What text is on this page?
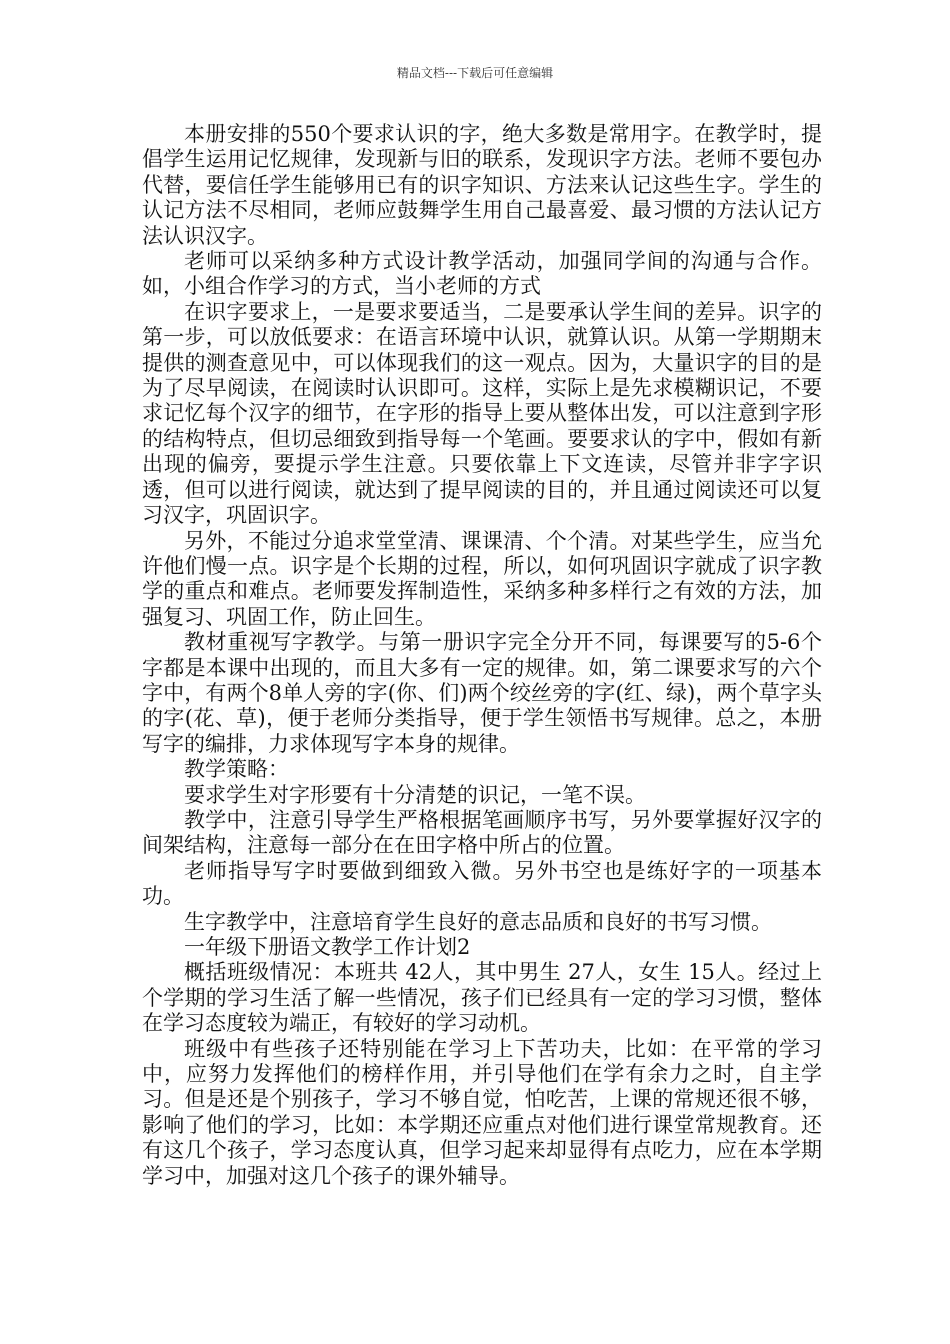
精品文档---下载后可任意编辑

本册安排的550个要求认识的字，绝大多数是常用字。在教学时，提倡学生运用记忆规律，发现新与旧的联系，发现识字方法。老师不要包办代替，要信任学生能够用已有的识字知识、方法来认记这些生字。学生的认记方法不尽相同，老师应鼓舞学生用自己最喜爱、最习惯的方法认记方法认识汉字。

老师可以采纳多种方式设计教学活动，加强同学间的沟通与合作。如，小组合作学习的方式，当小老师的方式

在识字要求上，一是要求要适当，二是要承认学生间的差异。识字的第一步，可以放低要求：在语言环境中认识，就算认识。从第一学期期末提供的测查意见中，可以体现我们的这一观点。因为，大量识字的目的是为了尽早阅读，在阅读时认识即可。这样，实际上是先求模糊识记，不要求记忆每个汉字的细节，在字形的指导上要从整体出发，可以注意到字形的结构特点，但切忌细致到指导每一个笔画。要要求认的字中，假如有新出现的偏旁，要提示学生注意。只要依靠上下文连读，尽管并非字字识透，但可以进行阅读，就达到了提早阅读的目的，并且通过阅读还可以复习汉字，巩固识字。

另外，不能过分追求堂堂清、课课清、个个清。对某些学生，应当允许他们慢一点。识字是个长期的过程，所以，如何巩固识字就成了识字教学的重点和难点。老师要发挥制造性，采纳多种多样行之有效的方法，加强复习、巩固工作，防止回生。

教材重视写字教学。与第一册识字完全分开不同，每课要写的5-6个字都是本课中出现的，而且大多有一定的规律。如，第二课要求写的六个字中，有两个8单人旁的字(你、们)两个绞丝旁的字(红、绿)，两个草字头的字(花、草)，便于老师分类指导，便于学生领悟书写规律。总之，本册写字的编排，力求体现写字本身的规律。

教学策略：

要求学生对字形要有十分清楚的识记，一笔不误。

教学中，注意引导学生严格根据笔画顺序书写，另外要掌握好汉字的间架结构，注意每一部分在在田字格中所占的位置。

老师指导写字时要做到细致入微。另外书空也是练好字的一项基本功。

生字教学中，注意培育学生良好的意志品质和良好的书写习惯。

一年级下册语文教学工作计划2

概括班级情况：本班共 42人，其中男生 27人，女生 15人。经过上个学期的学习生活了解一些情况，孩子们已经具有一定的学习习惯，整体在学习态度较为端正，有较好的学习动机。

班级中有些孩子还特别能在学习上下苦功夫，比如：在平常的学习中，应努力发挥他们的榜样作用，并引导他们在学有余力之时，自主学习。但是还是个别孩子，学习不够自觉，怕吃苦，上课的常规还很不够，影响了他们的学习，比如：本学期还应重点对他们进行课堂常规教育。还有这几个孩子，学习态度认真，但学习起来却显得有点吃力，应在本学期学习中，加强对这几个孩子的课外辅导。
